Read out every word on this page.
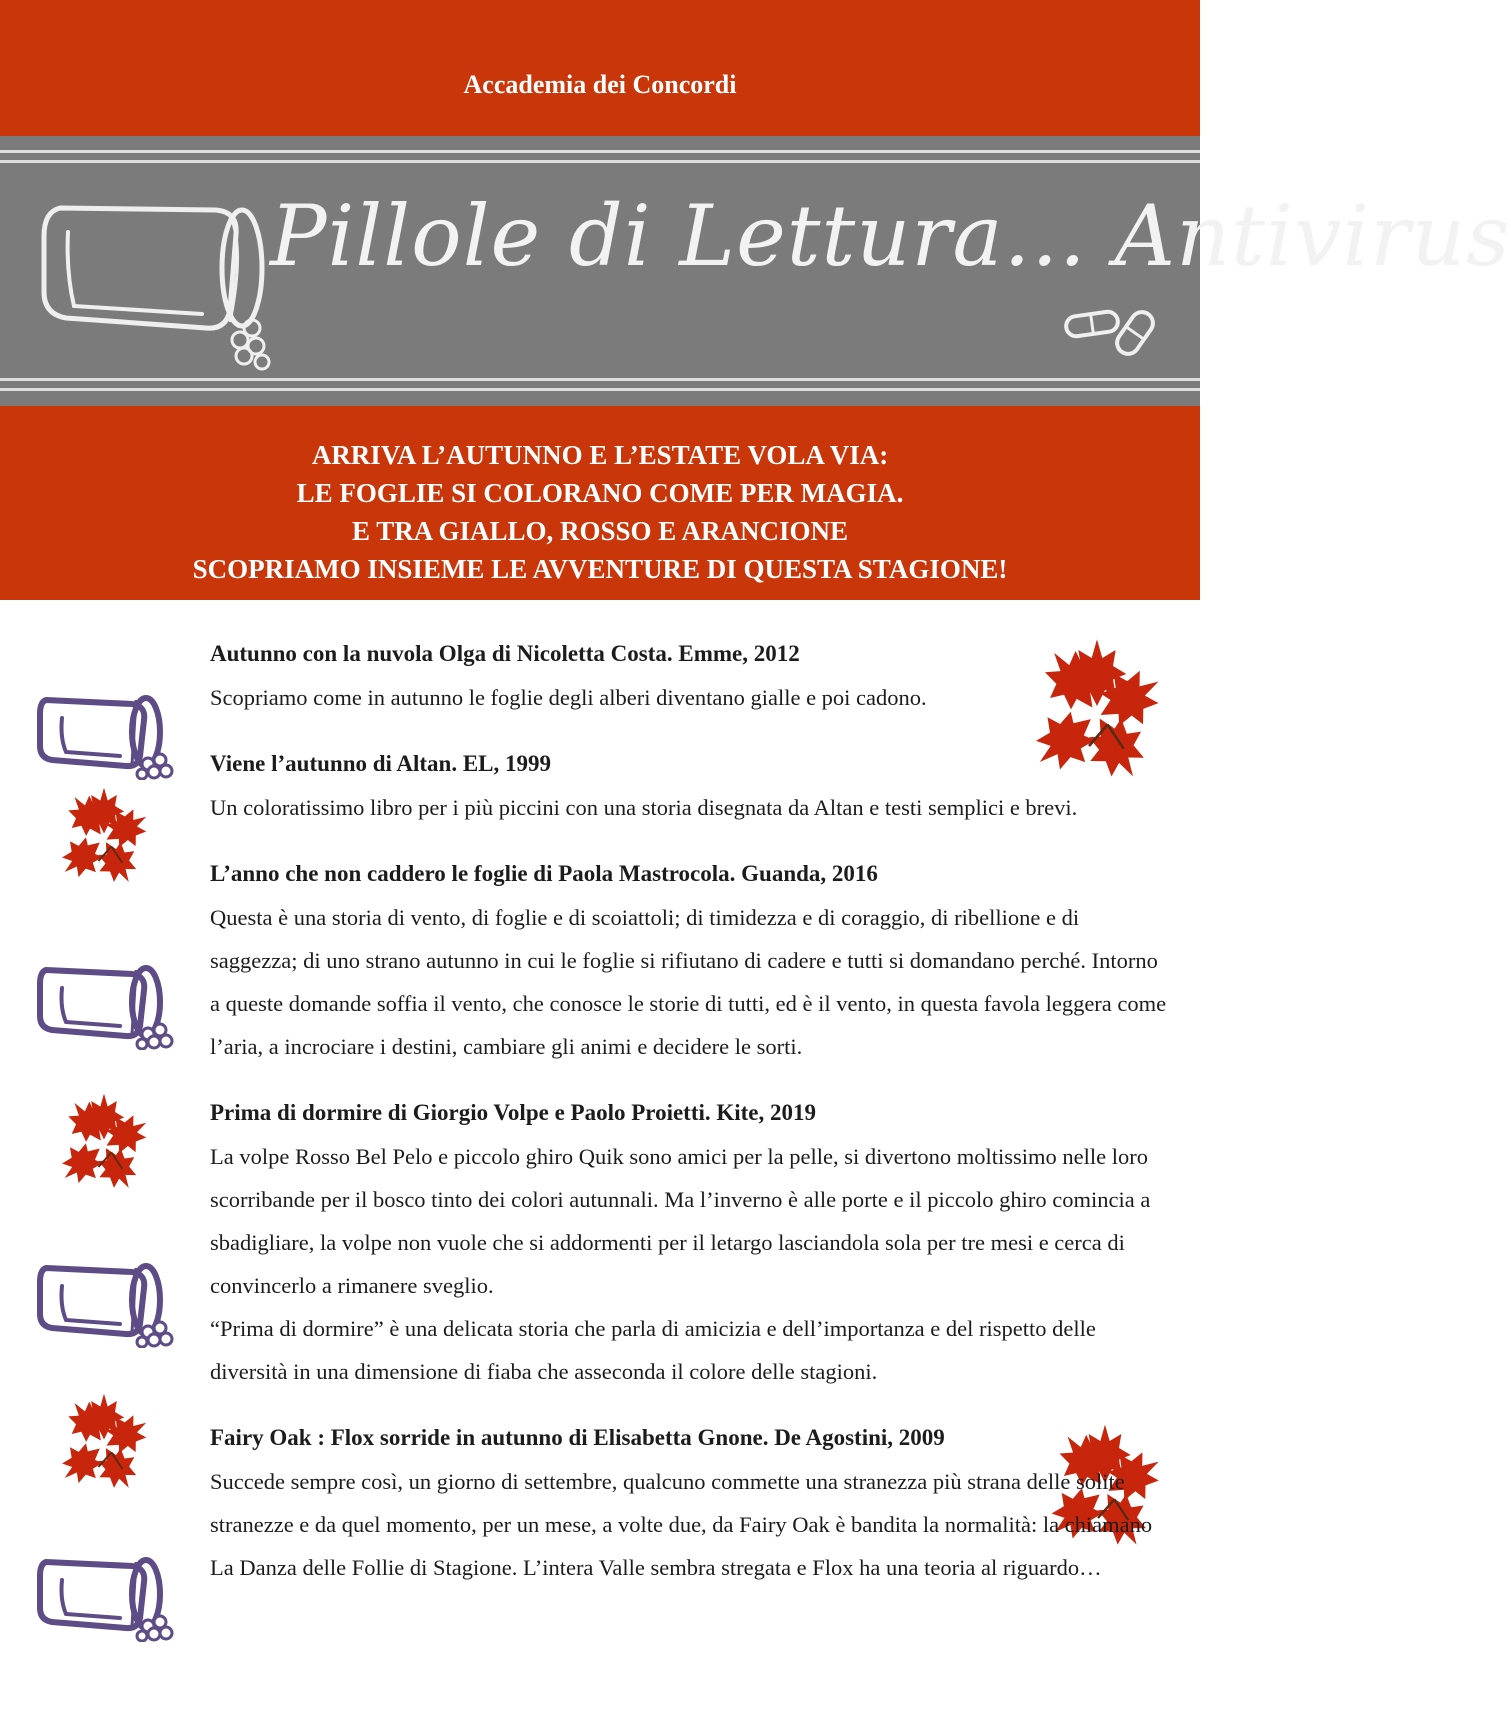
Accademia dei Concordi
Pillole di Lettura... Antivirus
ARRIVA L’AUTUNNO E L’ESTATE VOLA VIA:
LE FOGLIE SI COLORANO COME PER MAGIA.
E TRA GIALLO, ROSSO E ARANCIONE
SCOPRIAMO INSIEME LE AVVENTURE DI QUESTA STAGIONE!
Autunno con la nuvola Olga di Nicoletta Costa. Emme, 2012

Scopriamo come in autunno le foglie degli alberi diventano gialle e poi cadono.

Viene l’autunno di Altan. EL, 1999

Un coloratissimo libro per i più piccini con una storia disegnata da Altan e testi semplici e brevi.

L’anno che non caddero le foglie di Paola Mastrocola. Guanda, 2016

Questa è una storia di vento, di foglie e di scoiattoli; di timidezza e di coraggio, di ribellione e di saggezza; di uno strano autunno in cui le foglie si rifiutano di cadere e tutti si domandano perché. Intorno a queste domande soffia il vento, che conosce le storie di tutti, ed è il vento, in questa favola leggera come l’aria, a incrociare i destini, cambiare gli animi e decidere le sorti.

Prima di dormire di Giorgio Volpe e Paolo Proietti. Kite, 2019

La volpe Rosso Bel Pelo e piccolo ghiro Quik sono amici per la pelle, si divertono moltissimo nelle loro scorribande per il bosco tinto dei colori autunnali. Ma l’inverno è alle porte e il piccolo ghiro comincia a sbadigliare, la volpe non vuole che si addormenti per il letargo lasciandola sola per tre mesi e cerca di convincerlo a rimanere sveglio.

“Prima di dormire” è una delicata storia che parla di amicizia e dell’importanza e del rispetto delle diversità in una dimensione di fiaba che asseconda il colore delle stagioni.

Fairy Oak : Flox sorride in autunno di Elisabetta Gnone. De Agostini, 2009

Succede sempre così, un giorno di settembre, qualcuno commette una stranezza più strana delle solite stranezze e da quel momento, per un mese, a volte due, da Fairy Oak è bandita la normalità: la chiamano La Danza delle Follie di Stagione. L’intera Valle sembra stregata e Flox ha una teoria al riguardo…
